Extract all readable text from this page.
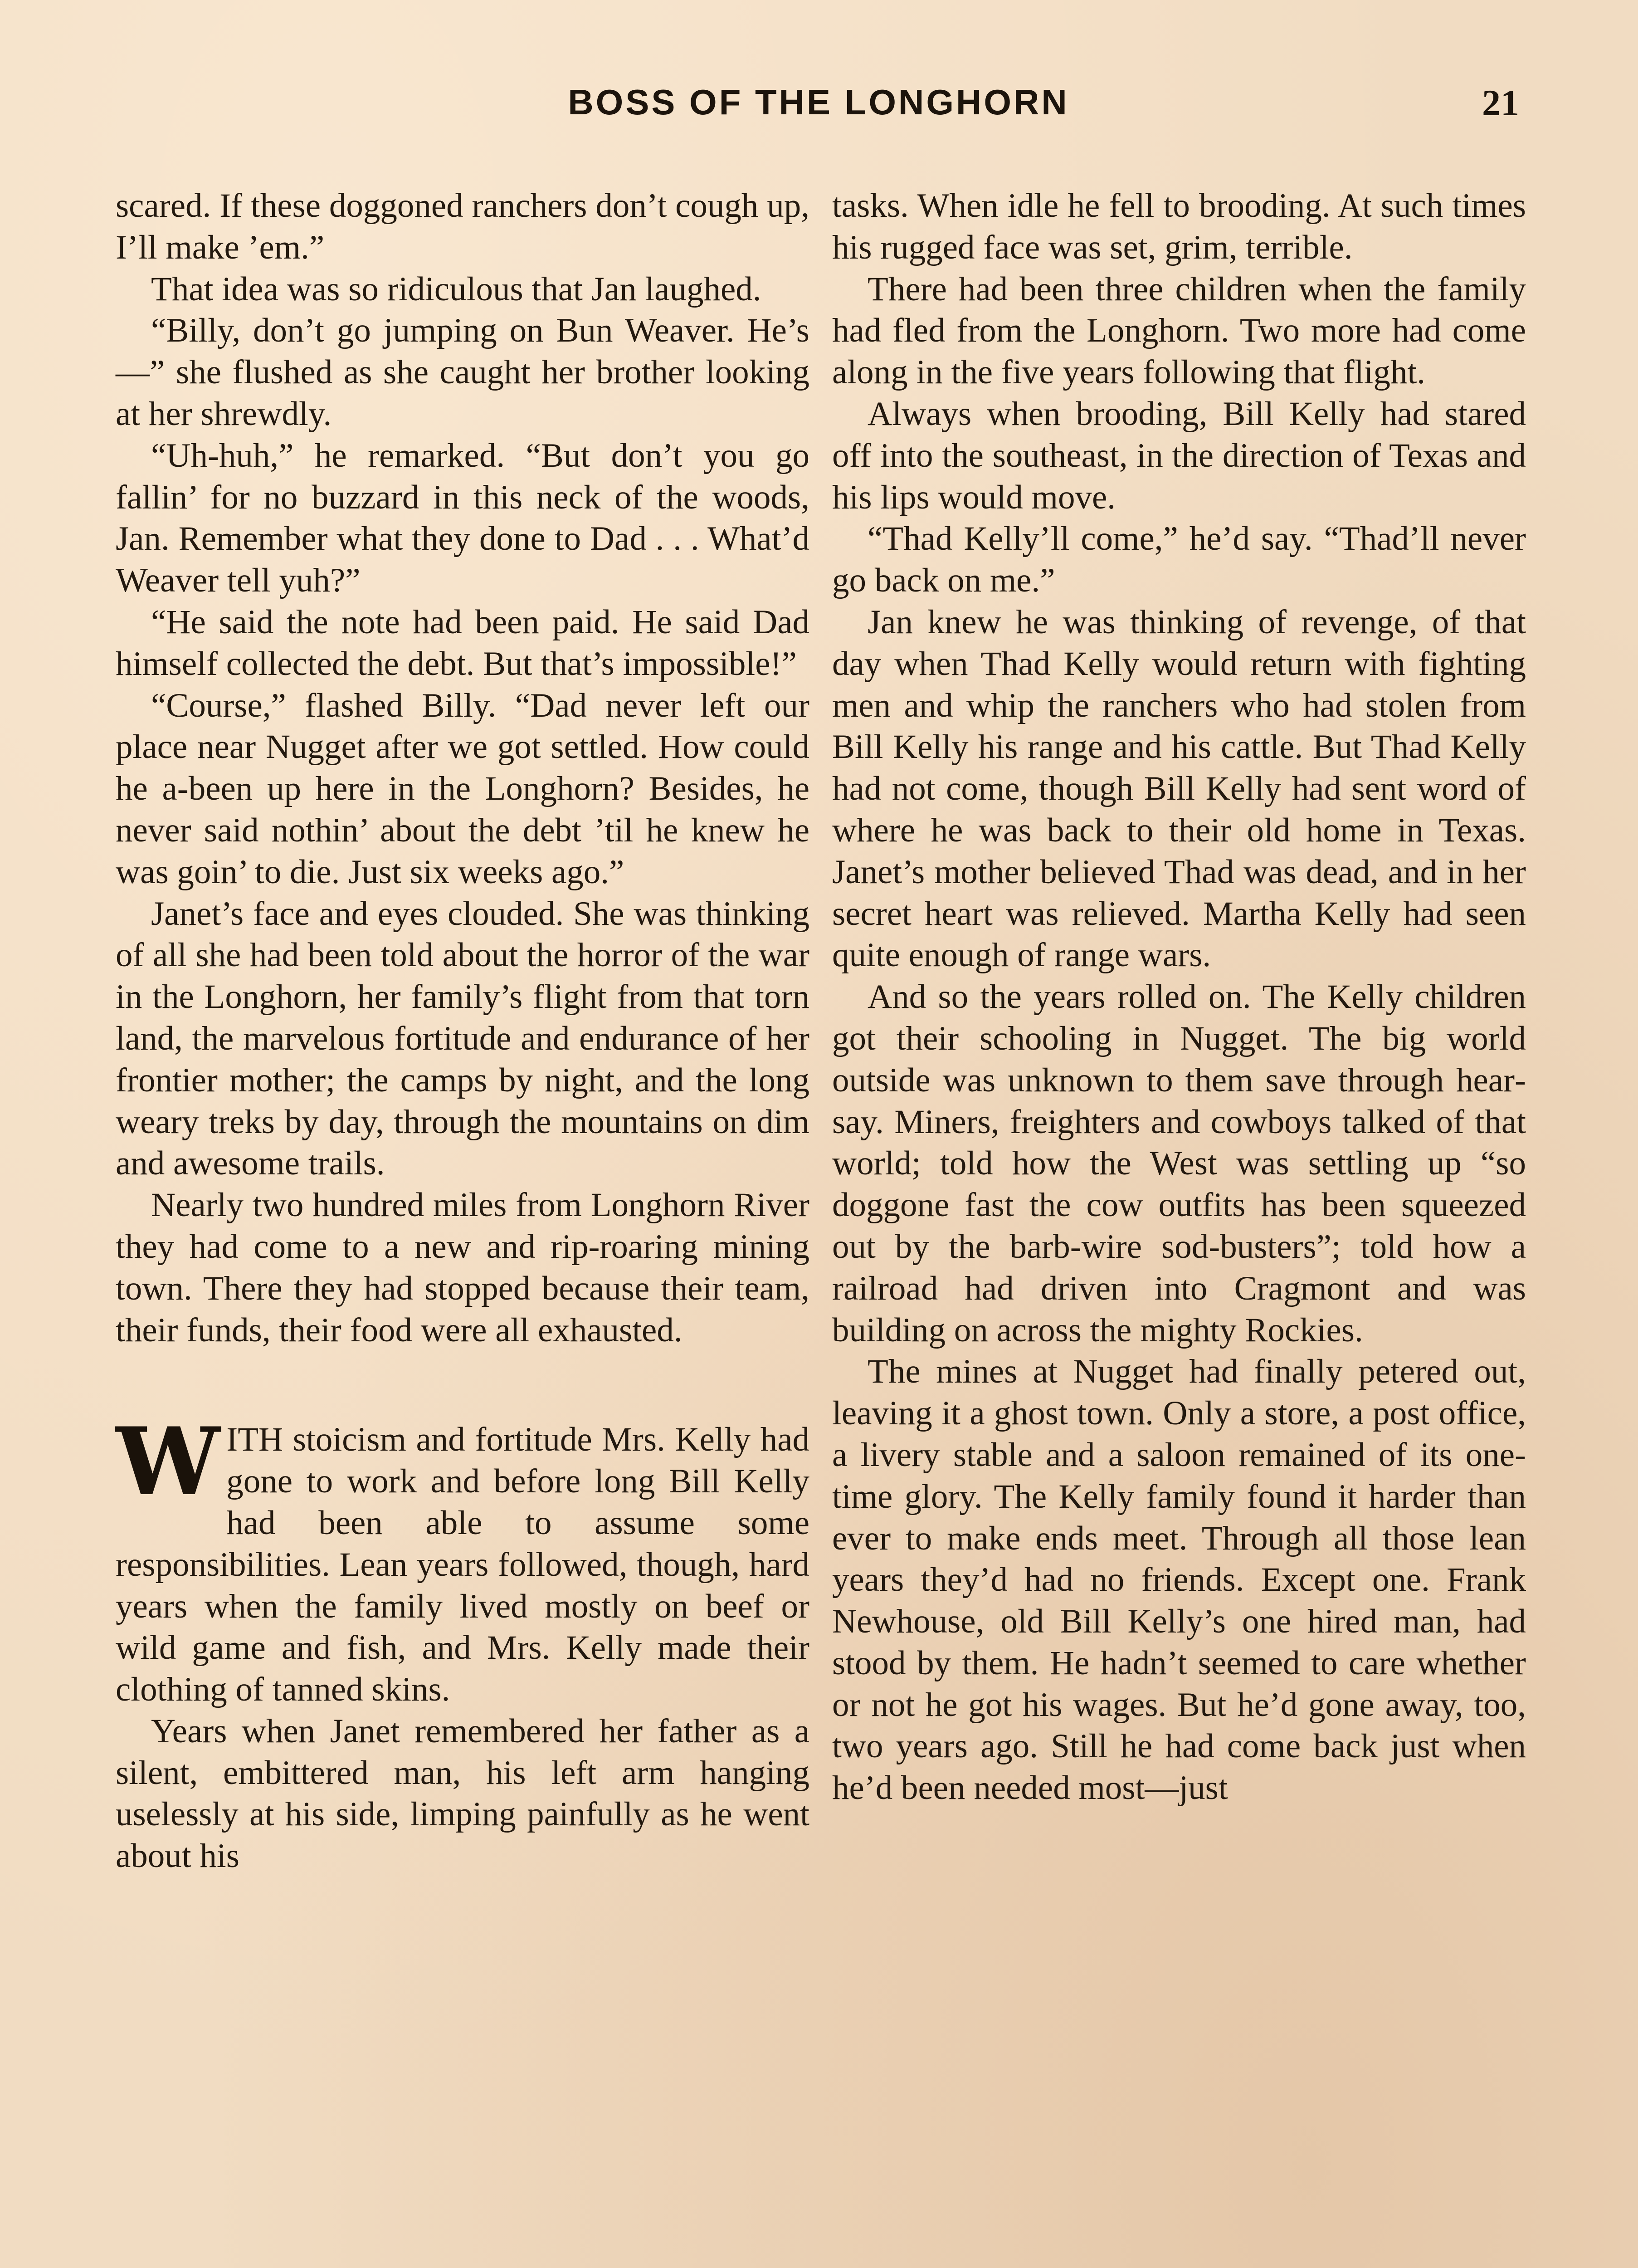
BOSS OF THE LONGHORN	21

scared. If these doggoned ranchers don’t cough up, I’ll make ’em.”

That idea was so ridiculous that Jan laughed.

“Billy, don’t go jumping on Bun Weaver. He’s—” she flushed as she caught her brother looking at her shrewdly.

“Uh-huh,” he remarked. “But don’t you go fallin’ for no buzzard in this neck of the woods, Jan. Remember what they done to Dad . . . What’d Weaver tell yuh?”

“He said the note had been paid. He said Dad himself collected the debt. But that’s impossible!”

“Course,” flashed Billy. “Dad never left our place near Nugget after we got settled. How could he a-been up here in the Longhorn? Besides, he never said nothin’ about the debt ’til he knew he was goin’ to die. Just six weeks ago.”

Janet’s face and eyes clouded. She was thinking of all she had been told about the horror of the war in the Longhorn, her family’s flight from that torn land, the marvelous fortitude and endurance of her frontier mother; the camps by night, and the long weary treks by day, through the mountains on dim and awesome trails.

Nearly two hundred miles from Longhorn River they had come to a new and rip-roaring mining town. There they had stopped because their team, their funds, their food were all exhausted.

WITH stoicism and fortitude Mrs. Kelly had gone to work and before long Bill Kelly had been able to assume some responsibilities. Lean years followed, though, hard years when the family lived mostly on beef or wild game and fish, and Mrs. Kelly made their clothing of tanned skins.

Years when Janet remembered her father as a silent, embittered man, his left arm hanging uselessly at his side, limping painfully as he went about his

tasks. When idle he fell to brooding. At such times his rugged face was set, grim, terrible.

There had been three children when the family had fled from the Longhorn. Two more had come along in the five years following that flight.

Always when brooding, Bill Kelly had stared off into the southeast, in the direction of Texas and his lips would move.

“Thad Kelly’ll come,” he’d say. “Thad’ll never go back on me.”

Jan knew he was thinking of revenge, of that day when Thad Kelly would return with fighting men and whip the ranchers who had stolen from Bill Kelly his range and his cattle. But Thad Kelly had not come, though Bill Kelly had sent word of where he was back to their old home in Texas. Janet’s mother believed Thad was dead, and in her secret heart was relieved. Martha Kelly had seen quite enough of range wars.

And so the years rolled on. The Kelly children got their schooling in Nugget. The big world outside was unknown to them save through hearsay. Miners, freighters and cowboys talked of that world; told how the West was settling up “so doggone fast the cow outfits has been squeezed out by the barb-wire sod-busters”; told how a railroad had driven into Cragmont and was building on across the mighty Rockies.

The mines at Nugget had finally petered out, leaving it a ghost town. Only a store, a post office, a livery stable and a saloon remained of its one-time glory. The Kelly family found it harder than ever to make ends meet. Through all those lean years they’d had no friends. Except one. Frank Newhouse, old Bill Kelly’s one hired man, had stood by them. He hadn’t seemed to care whether or not he got his wages. But he’d gone away, too, two years ago. Still he had come back just when he’d been needed most—just
